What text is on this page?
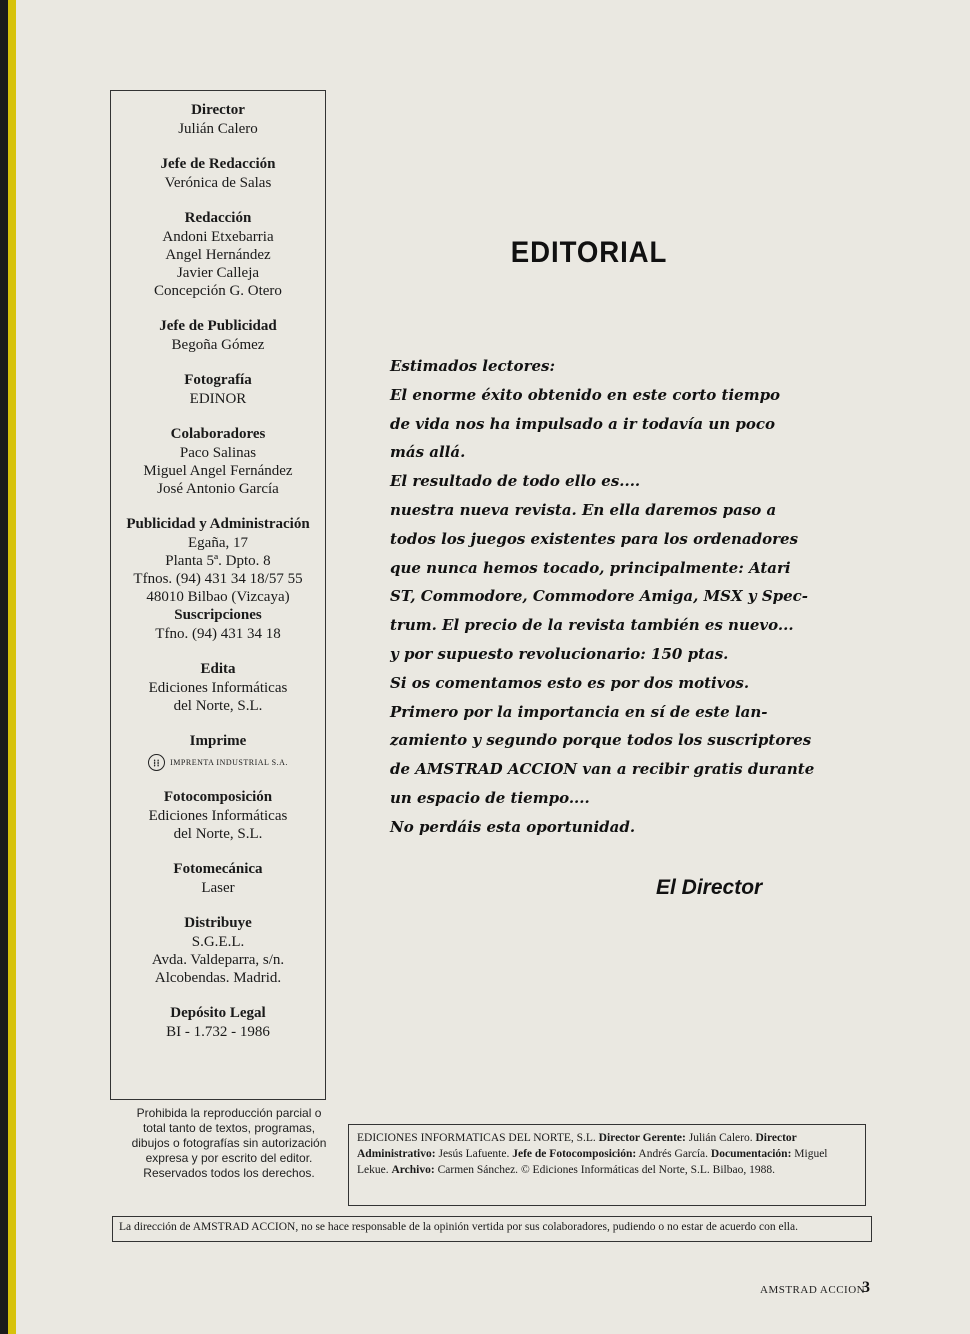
Director
Julián Calero
Jefe de Redacción
Verónica de Salas
Redacción
Andoni Etxebarria
Angel Hernández
Javier Calleja
Concepción G. Otero
Jefe de Publicidad
Begoña Gómez
Fotografía
EDINOR
Colaboradores
Paco Salinas
Miguel Angel Fernández
José Antonio García
Publicidad y Administración
Egaña, 17
Planta 5ª. Dpto. 8
Tfnos. (94) 431 34 18/57 55
48010 Bilbao (Vizcaya)
Suscripciones
Tfno. (94) 431 34 18
Edita
Ediciones Informáticas
del Norte, S.L.
Imprime
⁞⁞	IMPRENTA INDUSTRIAL S.A.
Fotocomposición
Ediciones Informáticas
del Norte, S.L.
Fotomecánica
Laser
Distribuye
S.G.E.L.
Avda. Valdeparra, s/n.
Alcobendas. Madrid.
Depósito Legal
BI - 1.732 - 1986
Prohibida la reproducción parcial o
total tanto de textos, programas,
dibujos o fotografías sin autorización
expresa y por escrito del editor.
Reservados todos los derechos.
EDITORIAL
Estimados lectores:
El enorme éxito obtenido en este corto tiempo
de vida nos ha impulsado a ir todavía un poco
más allá.
El resultado de todo ello es....
nuestra nueva revista. En ella daremos paso a
todos los juegos existentes para los ordenadores
que nunca hemos tocado, principalmente: Atari
ST, Commodore, Commodore Amiga, MSX y Spec-
trum. El precio de la revista también es nuevo...
y por supuesto revolucionario: 150 ptas.
Si os comentamos esto es por dos motivos.
Primero por la importancia en sí de este lan-
zamiento y segundo porque todos los suscriptores
de AMSTRAD ACCION van a recibir gratis durante
un espacio de tiempo....
No perdáis esta oportunidad.
El Director
EDICIONES INFORMATICAS DEL NORTE, S.L. Director Gerente: Julián Calero. Director Administrativo: Jesús Lafuente. Jefe de Fotocomposición: Andrés García. Documentación: Miguel Lekue. Archivo: Carmen Sánchez. © Ediciones Informáticas del Norte, S.L. Bilbao, 1988.
La dirección de AMSTRAD ACCION, no se hace responsable de la opinión vertida por sus colaboradores, pudiendo o no estar de acuerdo con ella.
AMSTRAD ACCION
3
